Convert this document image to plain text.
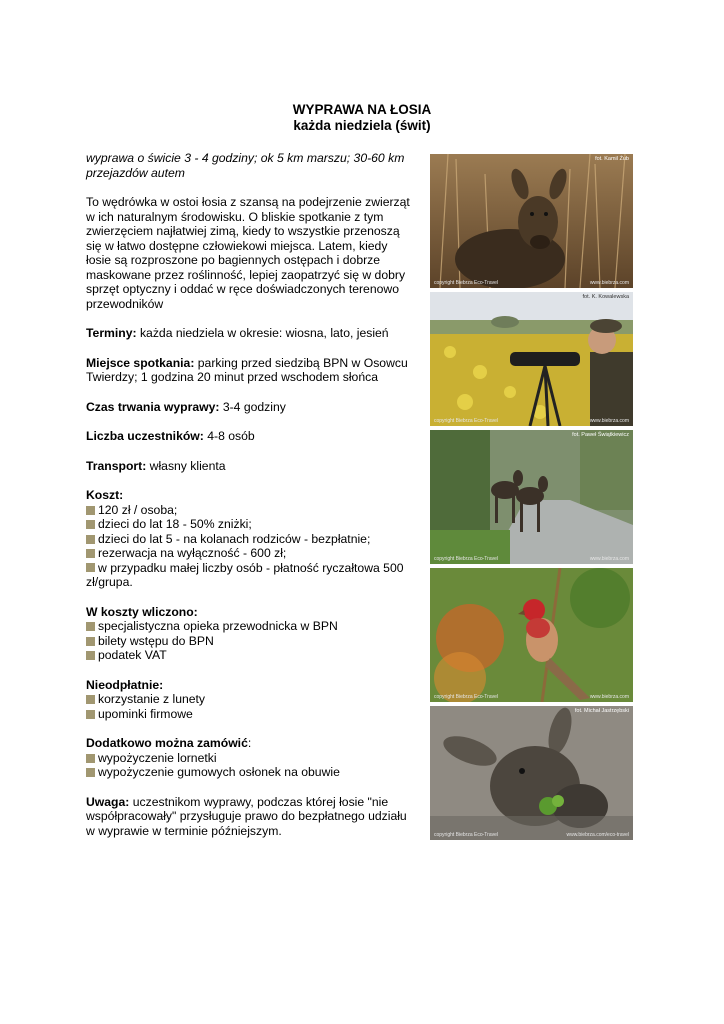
WYPRAWA NA ŁOSIA
każda niedziela (świt)

wyprawa o świcie 3 - 4 godziny; ok 5 km marszu; 30-60 km przejazdów autem

To wędrówka w ostoi łosia z szansą na podejrzenie zwierząt w ich naturalnym środowisku. O bliskie spotkanie z tym zwierzęciem najłatwiej zimą, kiedy to wszystkie przenoszą się w łatwo dostępne człowiekowi miejsca. Latem, kiedy łosie są rozproszone po bagiennych ostępach i dobrze maskowane przez roślinność, lepiej zaopatrzyć się w dobry sprzęt optyczny i oddać w ręce doświadczonych terenowo przewodników

Terminy: każda niedziela w okresie: wiosna, lato, jesień

Miejsce spotkania: parking przed siedzibą BPN w Osowcu Twierdzy; 1 godzina 20 minut przed wschodem słońca

Czas trwania wyprawy: 3-4 godziny

Liczba uczestników: 4-8 osób

Transport: własny klienta

Koszt:

120 zł / osoba;
dzieci do lat 18 - 50% zniżki;
dzieci do lat 5 - na kolanach rodziców - bezpłatnie;
rezerwacja na wyłączność - 600 zł;
w przypadku małej liczby osób - płatność ryczałtowa 500 zł/grupa.

W koszty wliczono:

specjalistyczna opieka przewodnicka w BPN
bilety wstępu do BPN
podatek VAT

Nieodpłatnie:

korzystanie z lunety
upominki firmowe

Dodatkowo można zamówić:

wypożyczenie lornetki
wypożyczenie gumowych osłonek na obuwie

Uwaga: uczestnikom wyprawy, podczas której łosie "nie współpracowały" przysługuje prawo do bezpłatnego udziału w wyprawie w terminie późniejszym.

fot. Kamil Żub
copyright Biebrza Eco-Travel	www.biebrza.com
fot. K. Kowalewska
copyright Biebrza Eco-Travel	www.biebrza.com
fot. Paweł Świątkiewicz
copyright Biebrza Eco-Travel	www.biebrza.com
copyright Biebrza Eco-Travel	www.biebrza.com
fot. Michał Jastrzębski
copyright Biebrza Eco-Travel	www.biebrza.com/eco-travel
